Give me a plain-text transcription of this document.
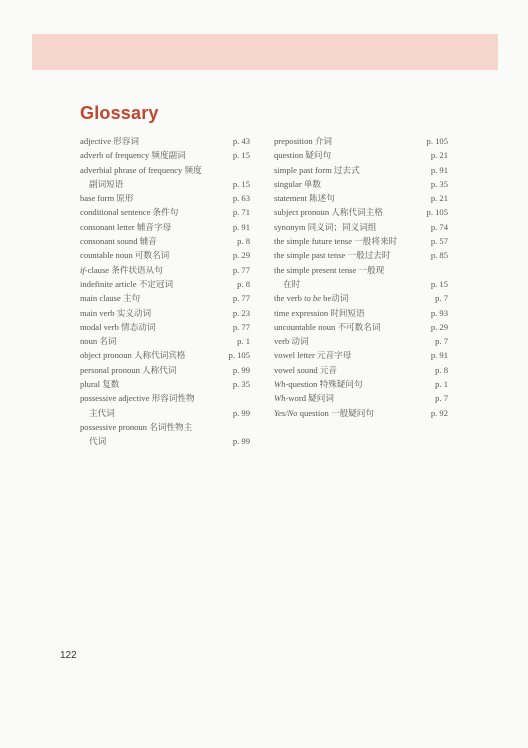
Glossary
adjective 形容词	p. 43
adverb of frequency 频度副词	p. 15
adverbial phrase of frequency 频度
副词短语	p. 15
base form 原形	p. 63
conditional sentence 条件句	p. 71
consonant letter 辅音字母	p. 91
consonant sound 辅音	p. 8
countable noun 可数名词	p. 29
if-clause 条件状语从句	p. 77
indefinite article 不定冠词	p. 8
main clause 主句	p. 77
main verb 实义动词	p. 23
modal verb 情态动词	p. 77
noun 名词	p. 1
object pronoun 人称代词宾格	p. 105
personal pronoun 人称代词	p. 99
plural 复数	p. 35
possessive adjective 形容词性物
主代词	p. 99
possessive pronoun 名词性物主
代词	p. 99
preposition 介词	p. 105
question 疑问句	p. 21
simple past form 过去式	p. 91
singular 单数	p. 35
statement 陈述句	p. 21
subject pronoun 人称代词主格	p. 105
synonym 同义词；同义词组	p. 74
the simple future tense 一般将来时	p. 57
the simple past tense 一般过去时	p. 85
the simple present tense 一般现
在时	p. 15
the verb to be be动词	p. 7
time expression 时间短语	p. 93
uncountable noun 不可数名词	p. 29
verb 动词	p. 7
vowel letter 元音字母	p. 91
vowel sound 元音	p. 8
Wh-question 特殊疑问句	p. 1
Wh-word 疑问词	p. 7
Yes/No question 一般疑问句	p. 92
122
